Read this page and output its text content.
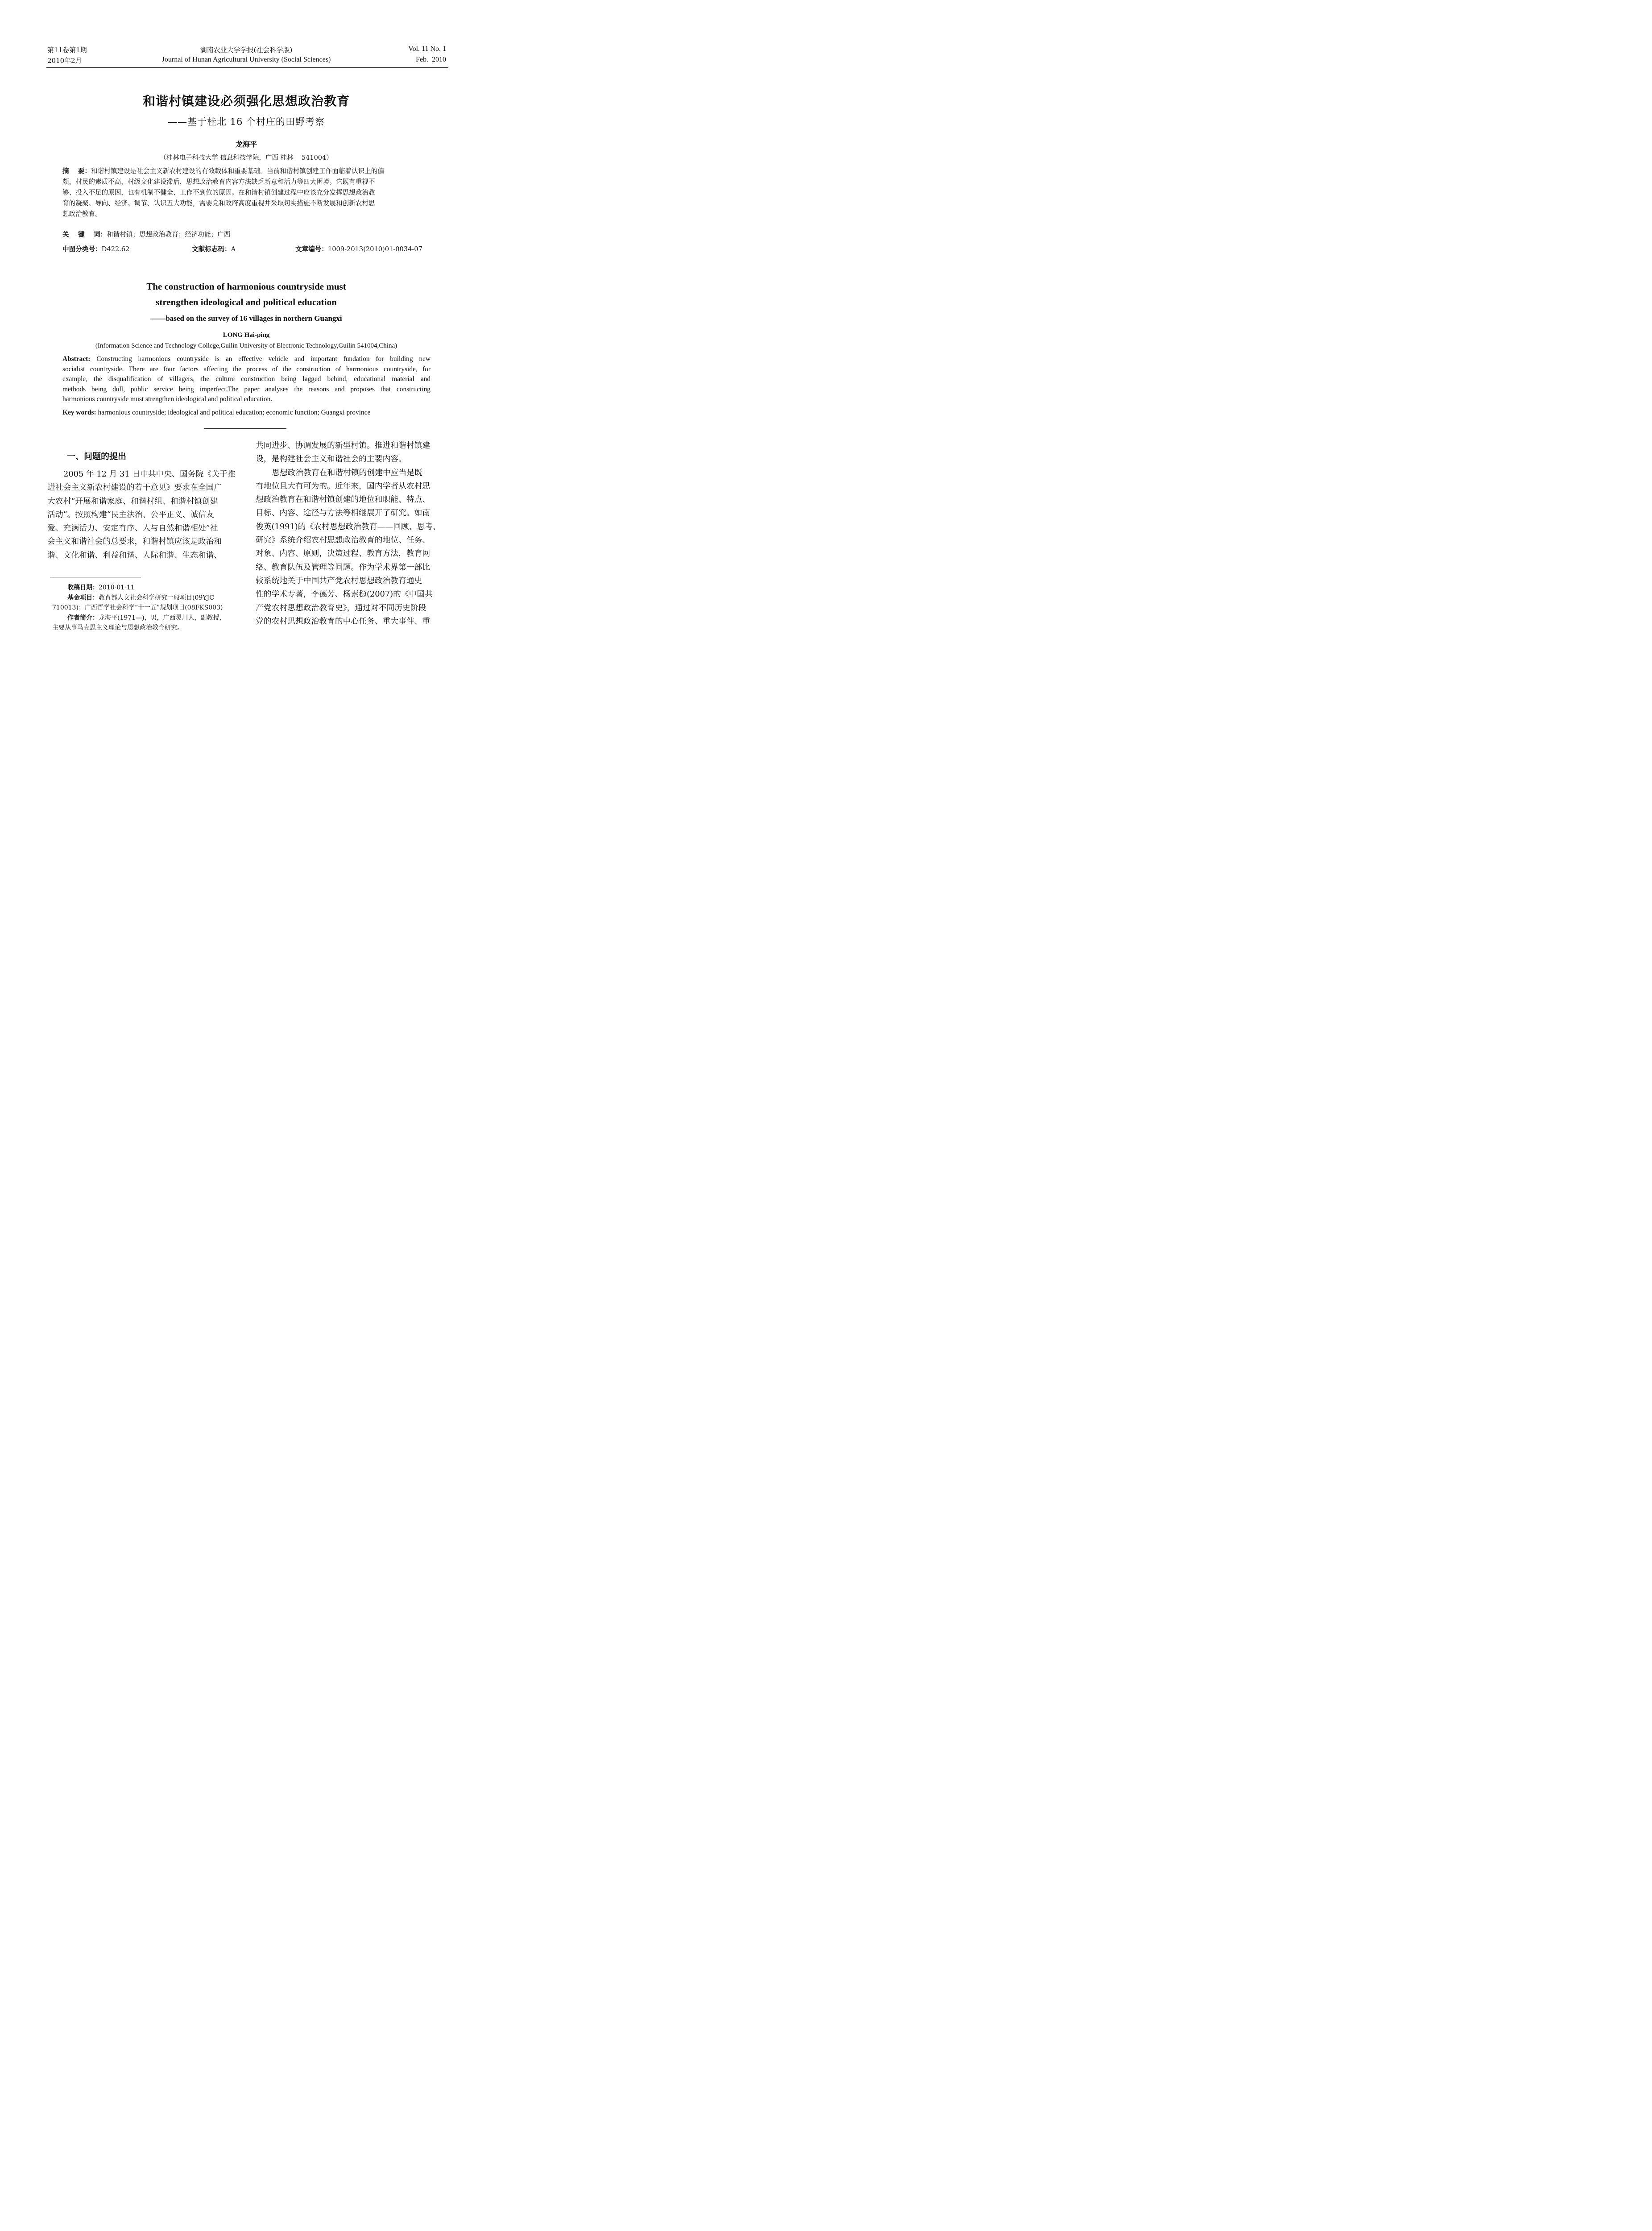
第11卷第1期
2010年2月
湖南农业大学学报(社会科学版)
Journal of Hunan Agricultural University (Social Sciences)
Vol. 11 No. 1
Feb.  2010
和谐村镇建设必须强化思想政治教育
——基于桂北 16 个村庄的田野考察
龙海平
（桂林电子科技大学 信息科技学院，广西 桂林    541004）
摘    要：和谐村镇建设是社会主义新农村建设的有效载体和重要基础。当前和谐村镇创建工作面临着认识上的偏
颇，村民的素质不高，村级文化建设滞后，思想政治教育内容方法缺乏新意和活力等四大困境。它既有重视不
够、投入不足的原因，也有机制不健全、工作不到位的原因。在和谐村镇创建过程中应该充分发挥思想政治教
育的凝聚、导向、经济、调节、认识五大功能，需要党和政府高度重视并采取切实措施不断发展和创新农村思
想政治教育。
关    键    词：和谐村镇；思想政治教育；经济功能；广西
中图分类号：D422.62	文献标志码：A	文章编号：1009-2013(2010)01-0034-07
The construction of harmonious countryside must
strengthen ideological and political education
——based on the survey of 16 villages in northern Guangxi
LONG Hai-ping
(Information Science and Technology College,Guilin University of Electronic Technology,Guilin 541004,China)
Abstract: Constructing harmonious countryside is an effective vehicle and important fundation for building new
socialist countryside. There are four factors affecting the process of the construction of harmonious countryside, for
example, the disqualification of villagers, the culture construction being lagged behind, educational material and
methods being dull, public service being imperfect.The paper analyses the reasons and proposes that constructing
harmonious countryside must strengthen ideological and political education.
Key words: harmonious countryside; ideological and political education; economic function; Guangxi province
一、问题的提出

2005 年 12 月 31 日中共中央、国务院《关于推

进社会主义新农村建设的若干意见》要求在全国广

大农村“开展和谐家庭、和谐村组、和谐村镇创建

活动”。按照构建“民主法治、公平正义、诚信友

爱、充满活力、安定有序、人与自然和谐相处”社

会主义和谐社会的总要求，和谐村镇应该是政治和

谐、文化和谐、利益和谐、人际和谐、生态和谐、

收稿日期：2010-01-11

基金项目：教育部人文社会科学研究一般项目(09YJC

710013)；广西哲学社会科学“十一五”规划项目(08FKS003)

作者简介：龙海平(1971—)，男，广西灵川人，副教授，

主要从事马克思主义理论与思想政治教育研究。

共同进步、协调发展的新型村镇。推进和谐村镇建

设，是构建社会主义和谐社会的主要内容。

思想政治教育在和谐村镇的创建中应当是既

有地位且大有可为的。近年来，国内学者从农村思

想政治教育在和谐村镇创建的地位和职能、特点、

目标、内容、途径与方法等相继展开了研究。如南

俊英(1991)的《农村思想政治教育——回顾、思考、

研究》系统介绍农村思想政治教育的地位、任务、

对象、内容、原则，决策过程、教育方法，教育网

络、教育队伍及管理等问题。作为学术界第一部比

较系统地关于中国共产党农村思想政治教育通史

性的学术专著，李德芳、杨素稳(2007)的《中国共

产党农村思想政治教育史》，通过对不同历史阶段

党的农村思想政治教育的中心任务、重大事件、重
